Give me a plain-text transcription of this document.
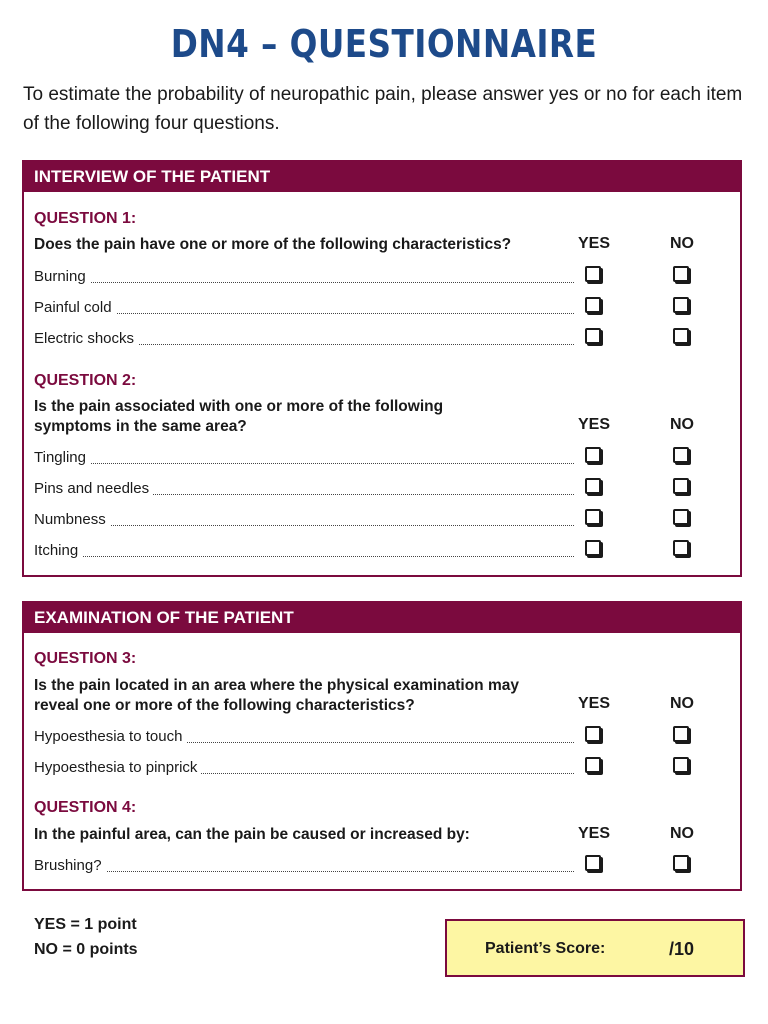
DN4 – QUESTIONNAIRE
To estimate the probability of neuropathic pain, please answer yes or no for each item of the following four questions.
INTERVIEW OF THE PATIENT
QUESTION 1:
Does the pain have one or more of the following characteristics?	YES	NO
Burning
Painful cold
Electric shocks
QUESTION 2:
Is the pain associated with one or more of the following symptoms in the same area?	YES	NO
Tingling
Pins and needles
Numbness
Itching
EXAMINATION OF THE PATIENT
QUESTION 3:
Is the pain located in an area where the physical examination may reveal one or more of the following characteristics?	YES	NO
Hypoesthesia to touch
Hypoesthesia to pinprick
QUESTION 4:
In the painful area, can the pain be caused or increased by:	YES	NO
Brushing?
YES = 1 point
NO = 0 points	Patient’s Score:	/10
